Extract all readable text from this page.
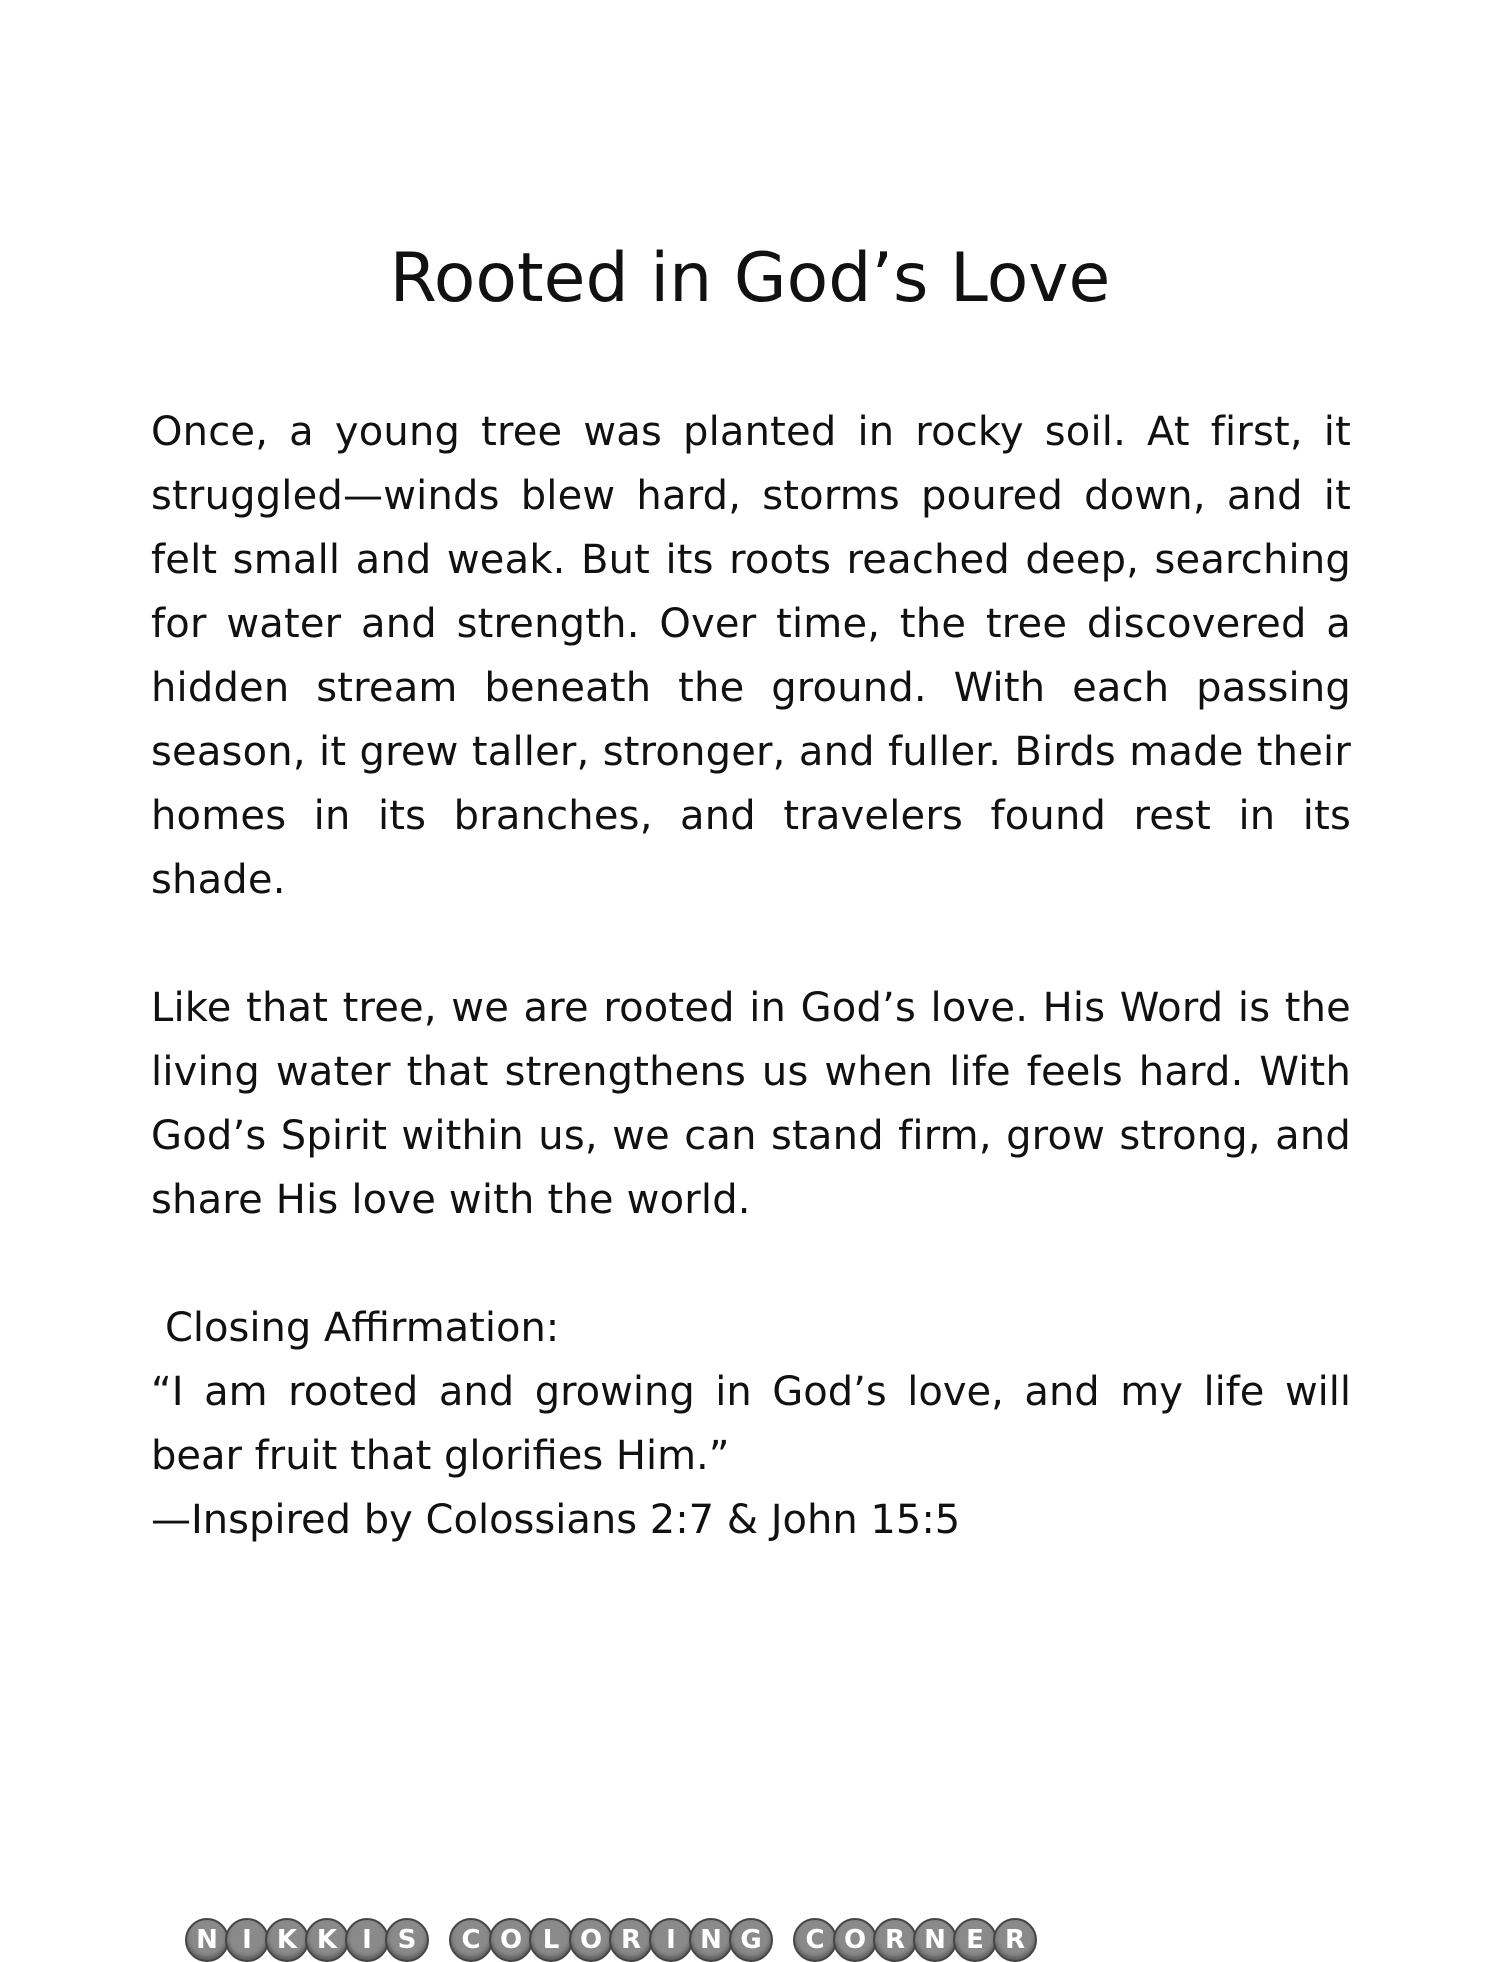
Rooted in God’s Love

Once, a young tree was planted in rocky soil. At first, it struggled—winds blew hard, storms poured down, and it felt small and weak. But its roots reached deep, searching for water and strength. Over time, the tree discovered a hidden stream beneath the ground. With each passing season, it grew taller, stronger, and fuller. Birds made their homes in its branches, and travelers found rest in its shade.

Like that tree, we are rooted in God’s love. His Word is the living water that strengthens us when life feels hard. With God’s Spirit within us, we can stand firm, grow strong, and share His love with the world.

Closing Affirmation:

“I am rooted and growing in God’s love, and my life will bear fruit that glorifies Him.”

—Inspired by Colossians 2:7 & John 15:5

N I K K I S	C O L O R I N G	C O R N E R
